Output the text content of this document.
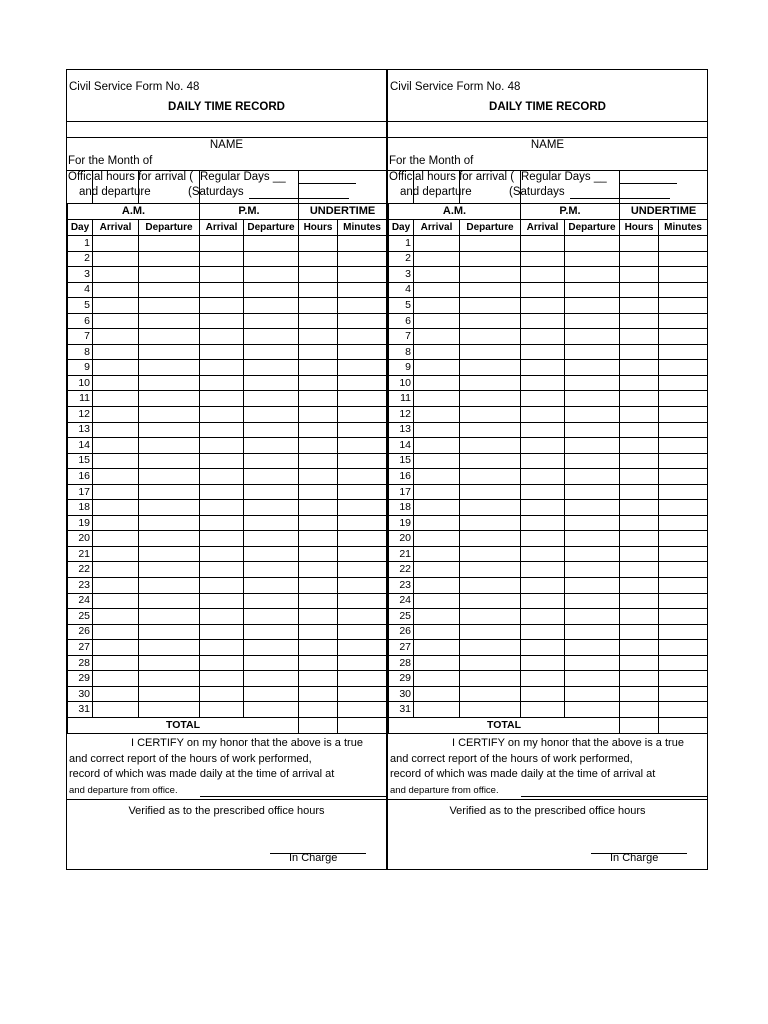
Civil Service Form No. 48
DAILY TIME RECORD
NAME
For the Month of
Official hours for arrival ( Regular Days __
and departure	(Saturdays
A.M.			P.M.		UNDERTIME	
Day	Arrival	Departure	Arrival	Departure	Hours	Minutes
1						
2						
3						
4						
5						
6						
7						
8						
9						
10						
11						
12						
13						
14						
15						
16						
17						
18						
19						
20						
21						
22						
23						
24						
25						
26						
27						
28						
29						
30						
31						
TOTAL						
I CERTIFY on my honor that the above is a true
and correct report of the hours of work performed,
record of which was made daily at the time of arrival at
and departure from office.
Verified as to the prescribed office hours
In Charge
Civil Service Form No. 48
DAILY TIME RECORD
NAME
For the Month of
Official hours for arrival ( Regular Days __
and departure	(Saturdays
A.M.			P.M.		UNDERTIME	
Day	Arrival	Departure	Arrival	Departure	Hours	Minutes
1						
2						
3						
4						
5						
6						
7						
8						
9						
10						
11						
12						
13						
14						
15						
16						
17						
18						
19						
20						
21						
22						
23						
24						
25						
26						
27						
28						
29						
30						
31						
TOTAL						
I CERTIFY on my honor that the above is a true
and correct report of the hours of work performed,
record of which was made daily at the time of arrival at
and departure from office.
Verified as to the prescribed office hours
In Charge
